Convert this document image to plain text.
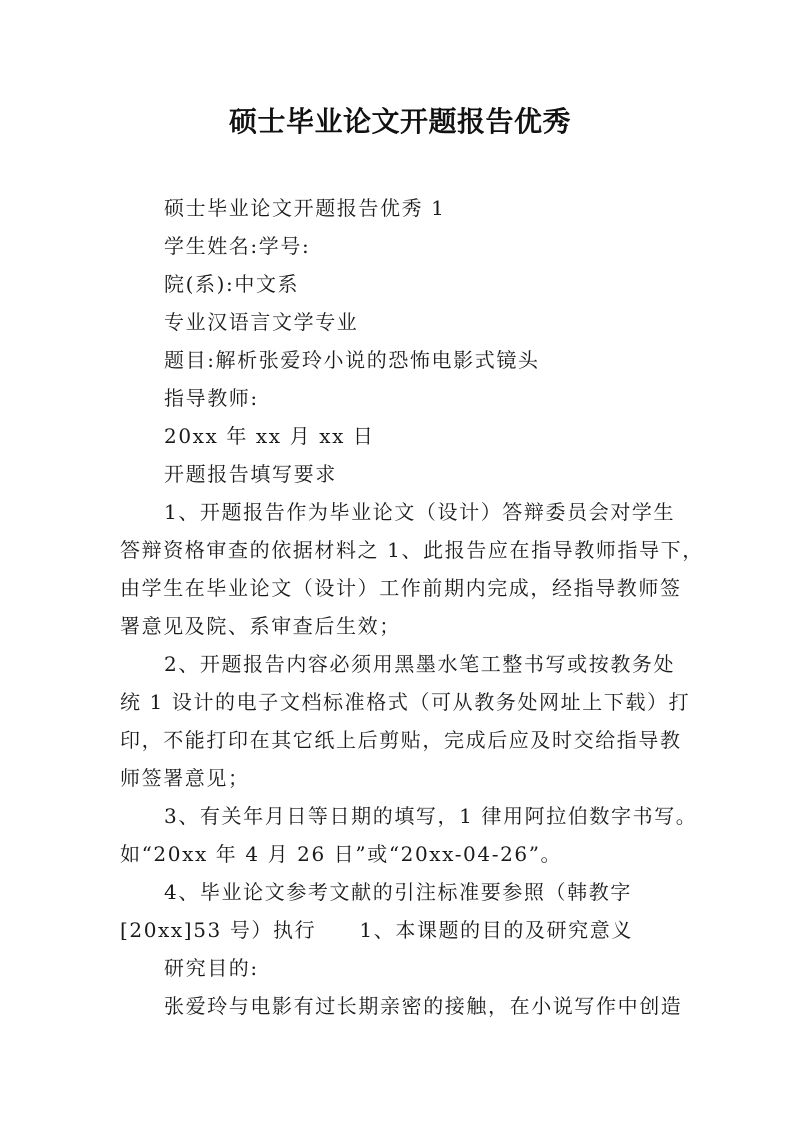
硕士毕业论文开题报告优秀
硕士毕业论文开题报告优秀 1
学生姓名:学号:
院(系):中文系
专业汉语言文学专业
题目:解析张爱玲小说的恐怖电影式镜头
指导教师:
20xx 年 xx 月 xx 日
开题报告填写要求
1、开题报告作为毕业论文（设计）答辩委员会对学生
答辩资格审查的依据材料之 1、此报告应在指导教师指导下，
由学生在毕业论文（设计）工作前期内完成，经指导教师签
署意见及院、系审查后生效；
2、开题报告内容必须用黑墨水笔工整书写或按教务处
统 1 设计的电子文档标准格式（可从教务处网址上下载）打
印，不能打印在其它纸上后剪贴，完成后应及时交给指导教
师签署意见；
3、有关年月日等日期的填写，1 律用阿拉伯数字书写。
如“20xx 年 4 月 26 日”或“20xx-04-26”。
4、毕业论文参考文献的引注标准要参照（韩教字
[20xx]53 号）执行　　1、本课题的目的及研究意义
研究目的:
张爱玲与电影有过长期亲密的接触，在小说写作中创造
